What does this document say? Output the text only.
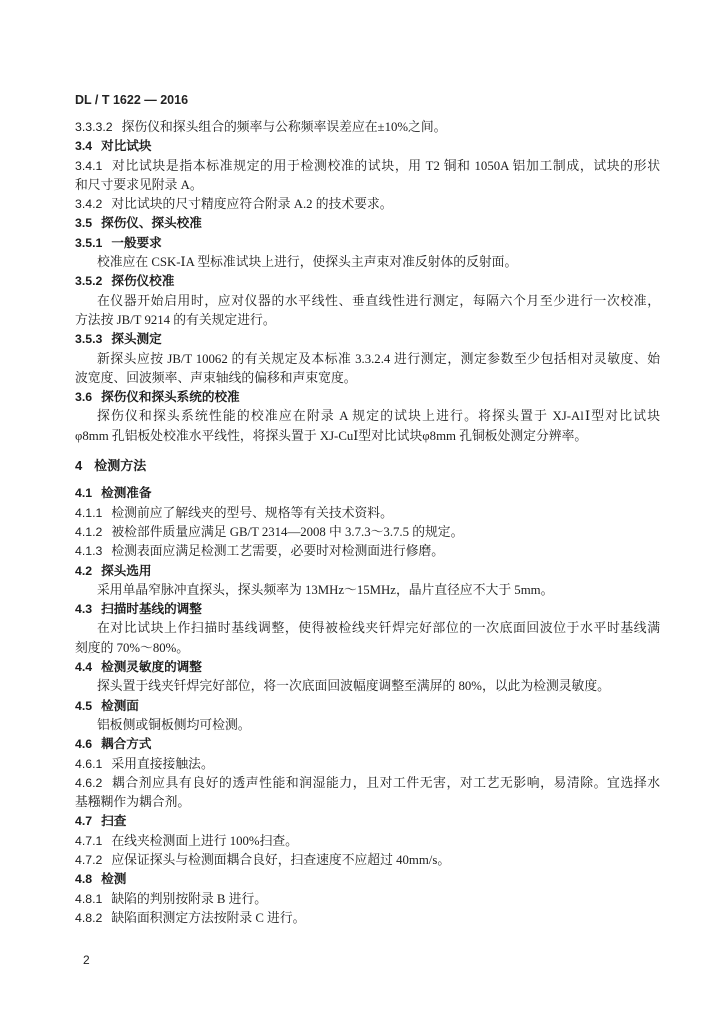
DL / T 1622 — 2016
3.3.3.2 探伤仪和探头组合的频率与公称频率误差应在±10%之间。
3.4 对比试块
3.4.1 对比试块是指本标准规定的用于检测校准的试块，用 T2 铜和 1050A 铝加工制成，试块的形状
和尺寸要求见附录 A。
3.4.2 对比试块的尺寸精度应符合附录 A.2 的技术要求。
3.5 探伤仪、探头校准
3.5.1 一般要求
校准应在 CSK-ⅠA 型标准试块上进行，使探头主声束对准反射体的反射面。
3.5.2 探伤仪校准
在仪器开始启用时，应对仪器的水平线性、垂直线性进行测定，每隔六个月至少进行一次校准，
方法按 JB/T 9214 的有关规定进行。
3.5.3 探头测定
新探头应按 JB/T 10062 的有关规定及本标准 3.3.2.4 进行测定，测定参数至少包括相对灵敏度、始
波宽度、回波频率、声束轴线的偏移和声束宽度。
3.6 探伤仪和探头系统的校准
探伤仪和探头系统性能的校准应在附录 A 规定的试块上进行。将探头置于 XJ-AlⅠ型对比试块
φ8mm 孔铝板处校准水平线性，将探头置于 XJ-CuⅠ型对比试块φ8mm 孔铜板处测定分辨率。
4 检测方法
4.1 检测准备
4.1.1 检测前应了解线夹的型号、规格等有关技术资料。
4.1.2 被检部件质量应满足 GB/T 2314—2008 中 3.7.3～3.7.5 的规定。
4.1.3 检测表面应满足检测工艺需要，必要时对检测面进行修磨。
4.2 探头选用
采用单晶窄脉冲直探头，探头频率为 13MHz～15MHz，晶片直径应不大于 5mm。
4.3 扫描时基线的调整
在对比试块上作扫描时基线调整，使得被检线夹钎焊完好部位的一次底面回波位于水平时基线满
刻度的 70%～80%。
4.4 检测灵敏度的调整
探头置于线夹钎焊完好部位，将一次底面回波幅度调整至满屏的 80%，以此为检测灵敏度。
4.5 检测面
铝板侧或铜板侧均可检测。
4.6 耦合方式
4.6.1 采用直接接触法。
4.6.2 耦合剂应具有良好的透声性能和润湿能力，且对工件无害，对工艺无影响，易清除。宜选择水
基糨糊作为耦合剂。
4.7 扫查
4.7.1 在线夹检测面上进行 100%扫查。
4.7.2 应保证探头与检测面耦合良好，扫查速度不应超过 40mm/s。
4.8 检测
4.8.1 缺陷的判别按附录 B 进行。
4.8.2 缺陷面积测定方法按附录 C 进行。
2
